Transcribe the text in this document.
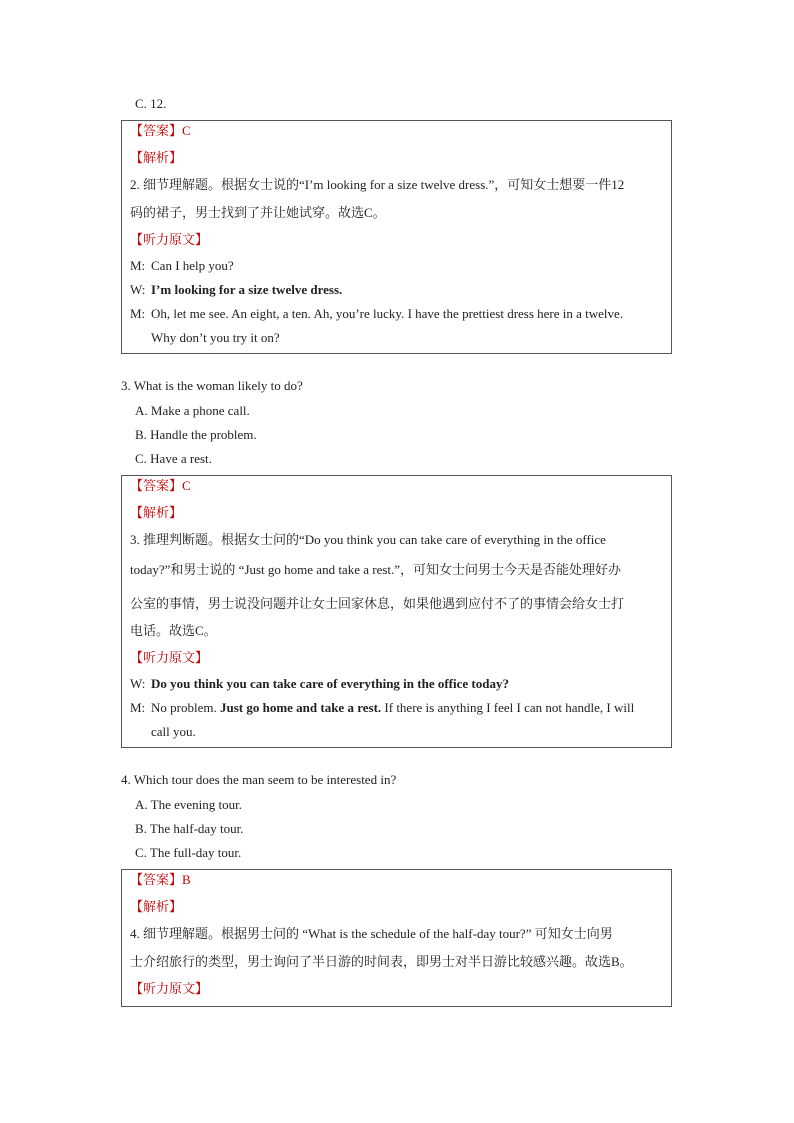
C. 12.
【答案】C
【解析】
2. 细节理解题。根据女士说的“I’m looking for a size twelve dress.”，可知女士想要一件12
码的裙子，男士找到了并让她试穿。故选C。
【听力原文】
M: Can I help you?
W: I’m looking for a size twelve dress.
M: Oh, let me see. An eight, a ten. Ah, you’re lucky. I have the prettiest dress here in a twelve.
Why don’t you try it on?
3. What is the woman likely to do?
A. Make a phone call.
B. Handle the problem.
C. Have a rest.
【答案】C
【解析】
3. 推理判断题。根据女士问的“Do you think you can take care of everything in the office
today?”和男士说的 “Just go home and take a rest.”，可知女士问男士今天是否能处理好办
公室的事情，男士说没问题并让女士回家休息，如果他遇到应付不了的事情会给女士打
电话。故选C。
【听力原文】
W: Do you think you can take care of everything in the office today?
M: No problem. Just go home and take a rest. If there is anything I feel I can not handle, I will
call you.
4. Which tour does the man seem to be interested in?
A. The evening tour.
B. The half-day tour.
C. The full-day tour.
【答案】B
【解析】
4. 细节理解题。根据男士问的 “What is the schedule of the half-day tour?” 可知女士向男
士介绍旅行的类型，男士询问了半日游的时间表，即男士对半日游比较感兴趣。故选B。
【听力原文】
